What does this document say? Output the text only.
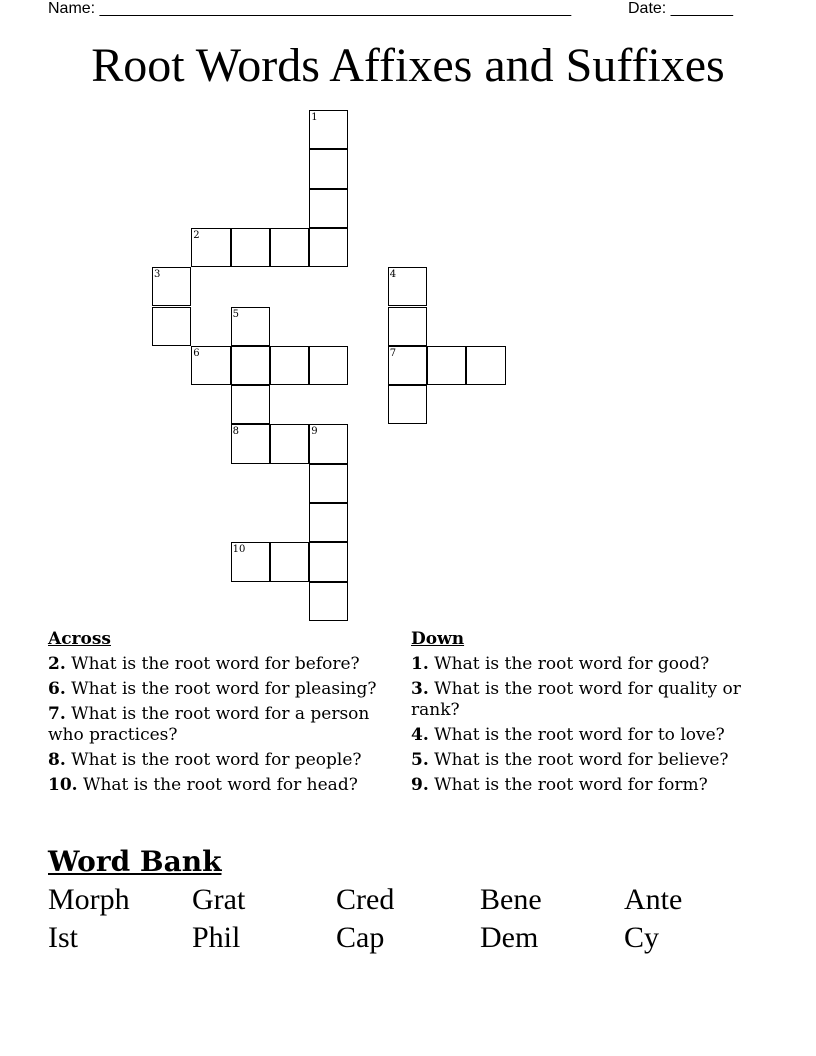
Name: _____________________________________________________	Date: _______
Root Words Affixes and Suffixes
1
2
3	4
7
5
8
6
9
10
Across
2. What is the root word for before?
6. What is the root word for pleasing?
7. What is the root word for a person who practices?
8. What is the root word for people?
10. What is the root word for head?
Down
1. What is the root word for good?
3. What is the root word for quality or rank?
4. What is the root word for to love?
5. What is the root word for believe?
9. What is the root word for form?
Word Bank
Morph Grat	Cred	Bene	Ante
Ist	Phil	Cap	Dem	Cy
